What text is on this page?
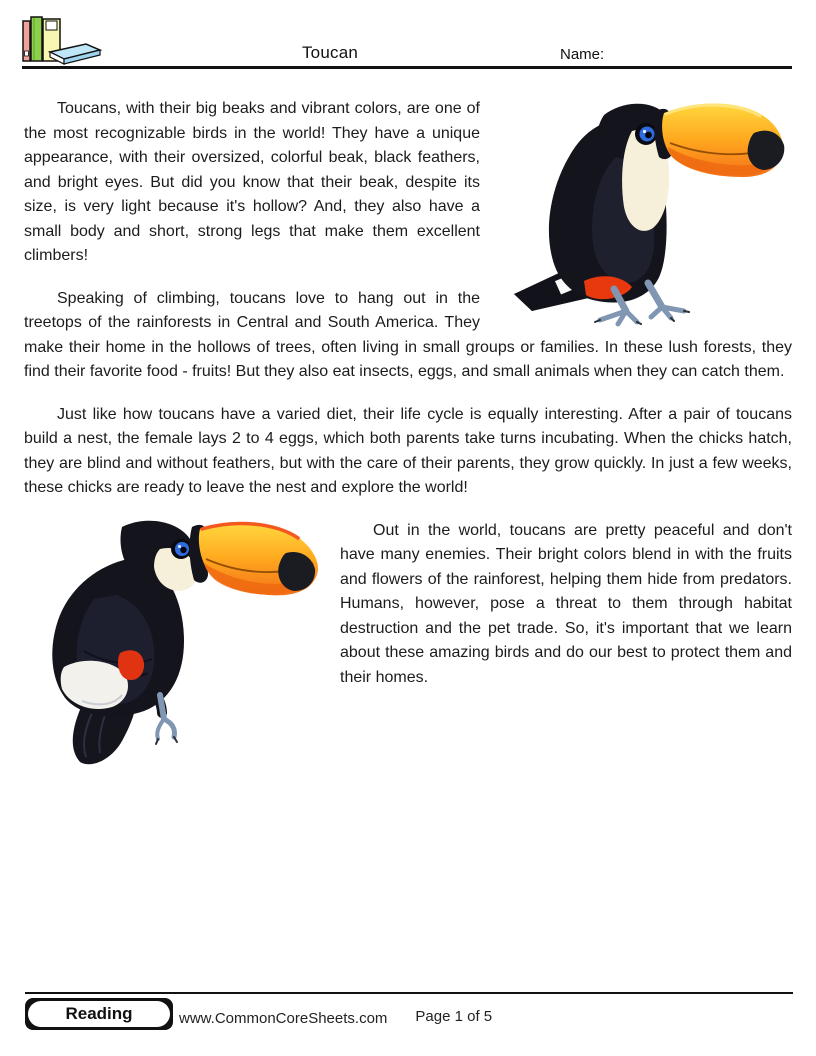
Toucan	Name:

Toucans, with their big beaks and vibrant colors, are one of the most recognizable birds in the world! They have a unique appearance, with their oversized, colorful beak, black feathers, and bright eyes. But did you know that their beak, despite its size, is very light because it's hollow? And, they also have a small body and short, strong legs that make them excellent climbers!

Speaking of climbing, toucans love to hang out in the treetops of the rainforests in Central and South America. They make their home in the hollows of trees, often living in small groups or families. In these lush forests, they find their favorite food - fruits! But they also eat insects, eggs, and small animals when they can catch them.

Just like how toucans have a varied diet, their life cycle is equally interesting. After a pair of toucans build a nest, the female lays 2 to 4 eggs, which both parents take turns incubating. When the chicks hatch, they are blind and without feathers, but with the care of their parents, they grow quickly. In just a few weeks, these chicks are ready to leave the nest and explore the world!

Out in the world, toucans are pretty peaceful and don't have many enemies. Their bright colors blend in with the fruits and flowers of the rainforest, helping them hide from predators. Humans, however, pose a threat to them through habitat destruction and the pet trade. So, it's important that we learn about these amazing birds and do our best to protect them and their homes.

Reading	www.CommonCoreSheets.com Page 1 of 5
